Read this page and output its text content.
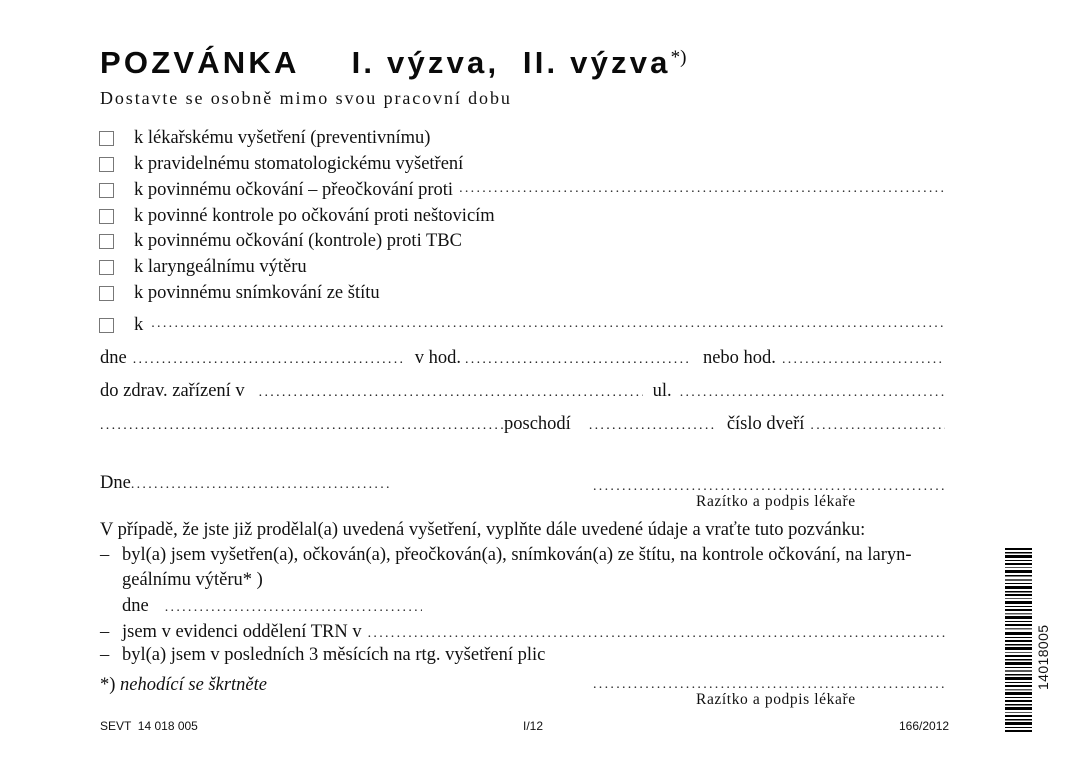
POZVÁNKA I. výzva,  II. výzva*)
Dostavte se osobně mimo svou pracovní dobu
k lékařskému vyšetření (preventivnímu)
k pravidelnému stomatologickému vyšetření
k povinnému očkování – přeočkování proti
. . .
k povinné kontrole po očkování proti neštovicím
k povinnému očkování (kontrole) proti TBC
k laryngeálnímu výtěru
k povinnému snímkování ze štítu
k
. . .
dne . . .	v hod. . . .	nebo hod.
. . .
do zdrav. zařízení v . . .	ul.
. . .
. . .
poschodí . . .	číslo dveří
. . .
Dne
. . .
. . .
Razítko a podpis lékaře
V případě, že jste již prodělal(a) uvedená vyšetření, vyplňte dále uvedené údaje a vraťte tuto pozvánku:
– byl(a) jsem vyšetřen(a), očkován(a), přeočkován(a), snímkován(a) ze štítu, na kontrole očkování, na laryn-
geálnímu výtěru* )
dne
. . .
– jsem v evidenci oddělení TRN v
. . .
– byl(a) jsem v posledních 3 měsících na rtg. vyšetření plic
*) nehodící se škrtněte
. . .
Razítko a podpis lékaře
SEVT  14 018 005	I/12	166/2012
14018005
